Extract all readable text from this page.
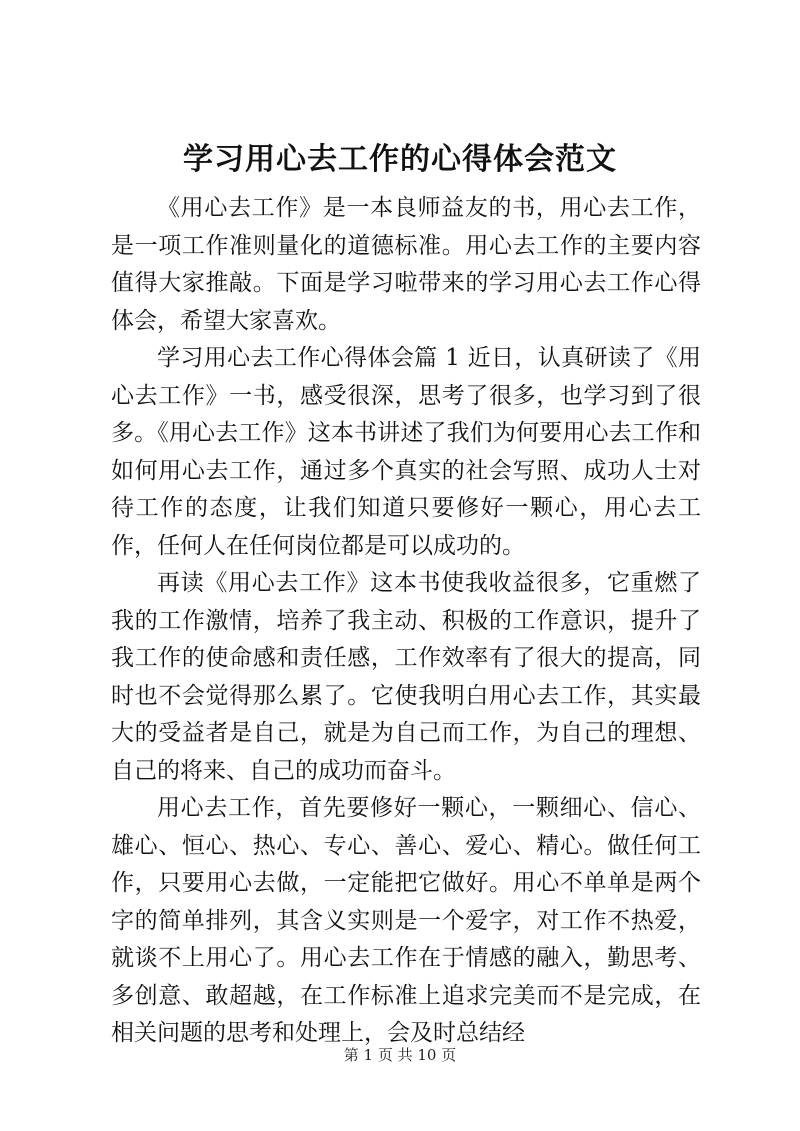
学习用心去工作的心得体会范文

《用心去工作》是一本良师益友的书，用心去工作，是一项工作准则量化的道德标准。用心去工作的主要内容值得大家推敲。下面是学习啦带来的学习用心去工作心得体会，希望大家喜欢。

学习用心去工作心得体会篇 1 近日，认真研读了《用心去工作》一书，感受很深，思考了很多，也学习到了很多。《用心去工作》这本书讲述了我们为何要用心去工作和如何用心去工作，通过多个真实的社会写照、成功人士对待工作的态度，让我们知道只要修好一颗心，用心去工作，任何人在任何岗位都是可以成功的。

再读《用心去工作》这本书使我收益很多，它重燃了我的工作激情，培养了我主动、积极的工作意识，提升了我工作的使命感和责任感，工作效率有了很大的提高，同时也不会觉得那么累了。它使我明白用心去工作，其实最大的受益者是自己，就是为自己而工作，为自己的理想、自己的将来、自己的成功而奋斗。

用心去工作，首先要修好一颗心，一颗细心、信心、雄心、恒心、热心、专心、善心、爱心、精心。做任何工作，只要用心去做，一定能把它做好。用心不单单是两个字的简单排列，其含义实则是一个爱字，对工作不热爱，就谈不上用心了。用心去工作在于情感的融入，勤思考、多创意、敢超越，在工作标准上追求完美而不是完成，在相关问题的思考和处理上，会及时总结经

第 1 页 共 10 页
